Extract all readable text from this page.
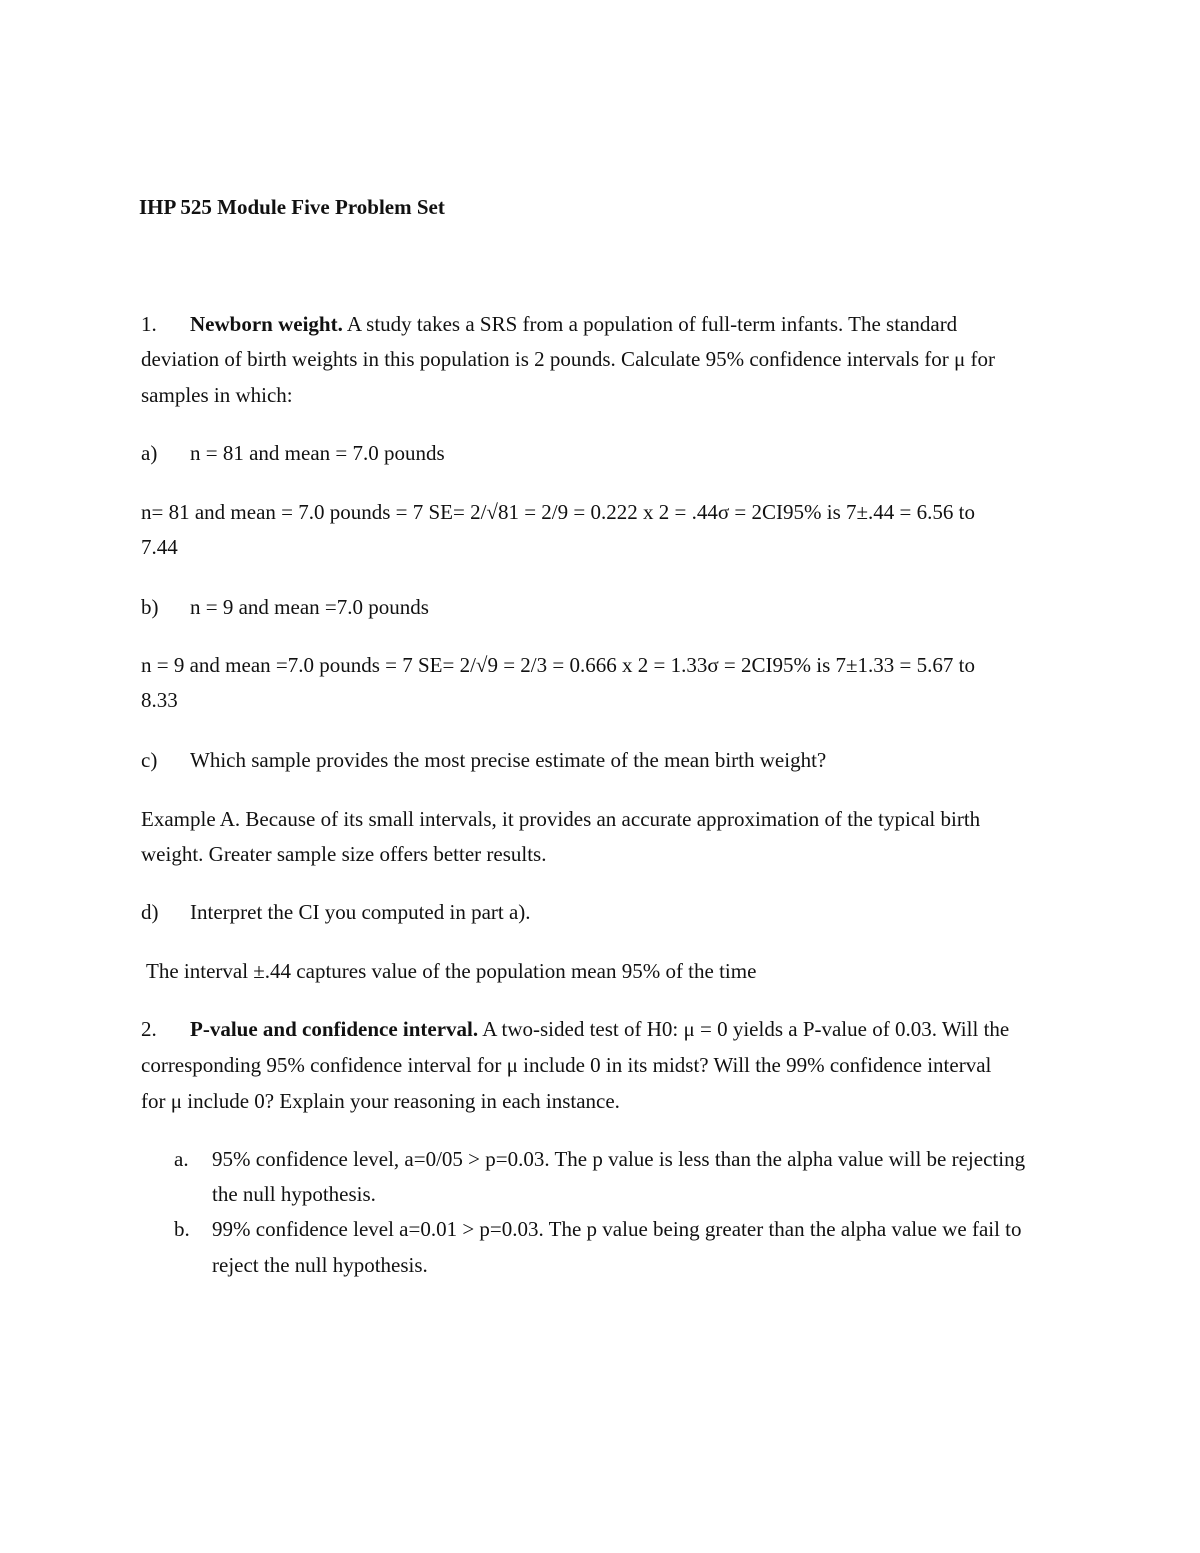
IHP 525 Module Five Problem Set
1. Newborn weight. A study takes a SRS from a population of full-term infants. The standard
deviation of birth weights in this population is 2 pounds. Calculate 95% confidence intervals for μ for
samples in which:
a) n = 81 and mean = 7.0 pounds
n= 81 and mean = 7.0 pounds = 7 SE= 2/√81 = 2/9 = 0.222 x 2 = .44σ = 2CI95% is 7±.44 = 6.56 to
7.44
b) n = 9 and mean =7.0 pounds
n = 9 and mean =7.0 pounds = 7 SE= 2/√9 = 2/3 = 0.666 x 2 = 1.33σ = 2CI95% is 7±1.33 = 5.67 to
8.33
c) Which sample provides the most precise estimate of the mean birth weight?
Example A. Because of its small intervals, it provides an accurate approximation of the typical birth
weight. Greater sample size offers better results.
d) Interpret the CI you computed in part a).
The interval ±.44 captures value of the population mean 95% of the time
2. P-value and confidence interval. A two-sided test of H0: μ = 0 yields a P-value of 0.03. Will the
corresponding 95% confidence interval for μ include 0 in its midst? Will the 99% confidence interval
for μ include 0? Explain your reasoning in each instance.
a. 95% confidence level, a=0/05 > p=0.03. The p value is less than the alpha value will be rejecting
the null hypothesis.
b. 99% confidence level a=0.01 > p=0.03. The p value being greater than the alpha value we fail to
reject the null hypothesis.
